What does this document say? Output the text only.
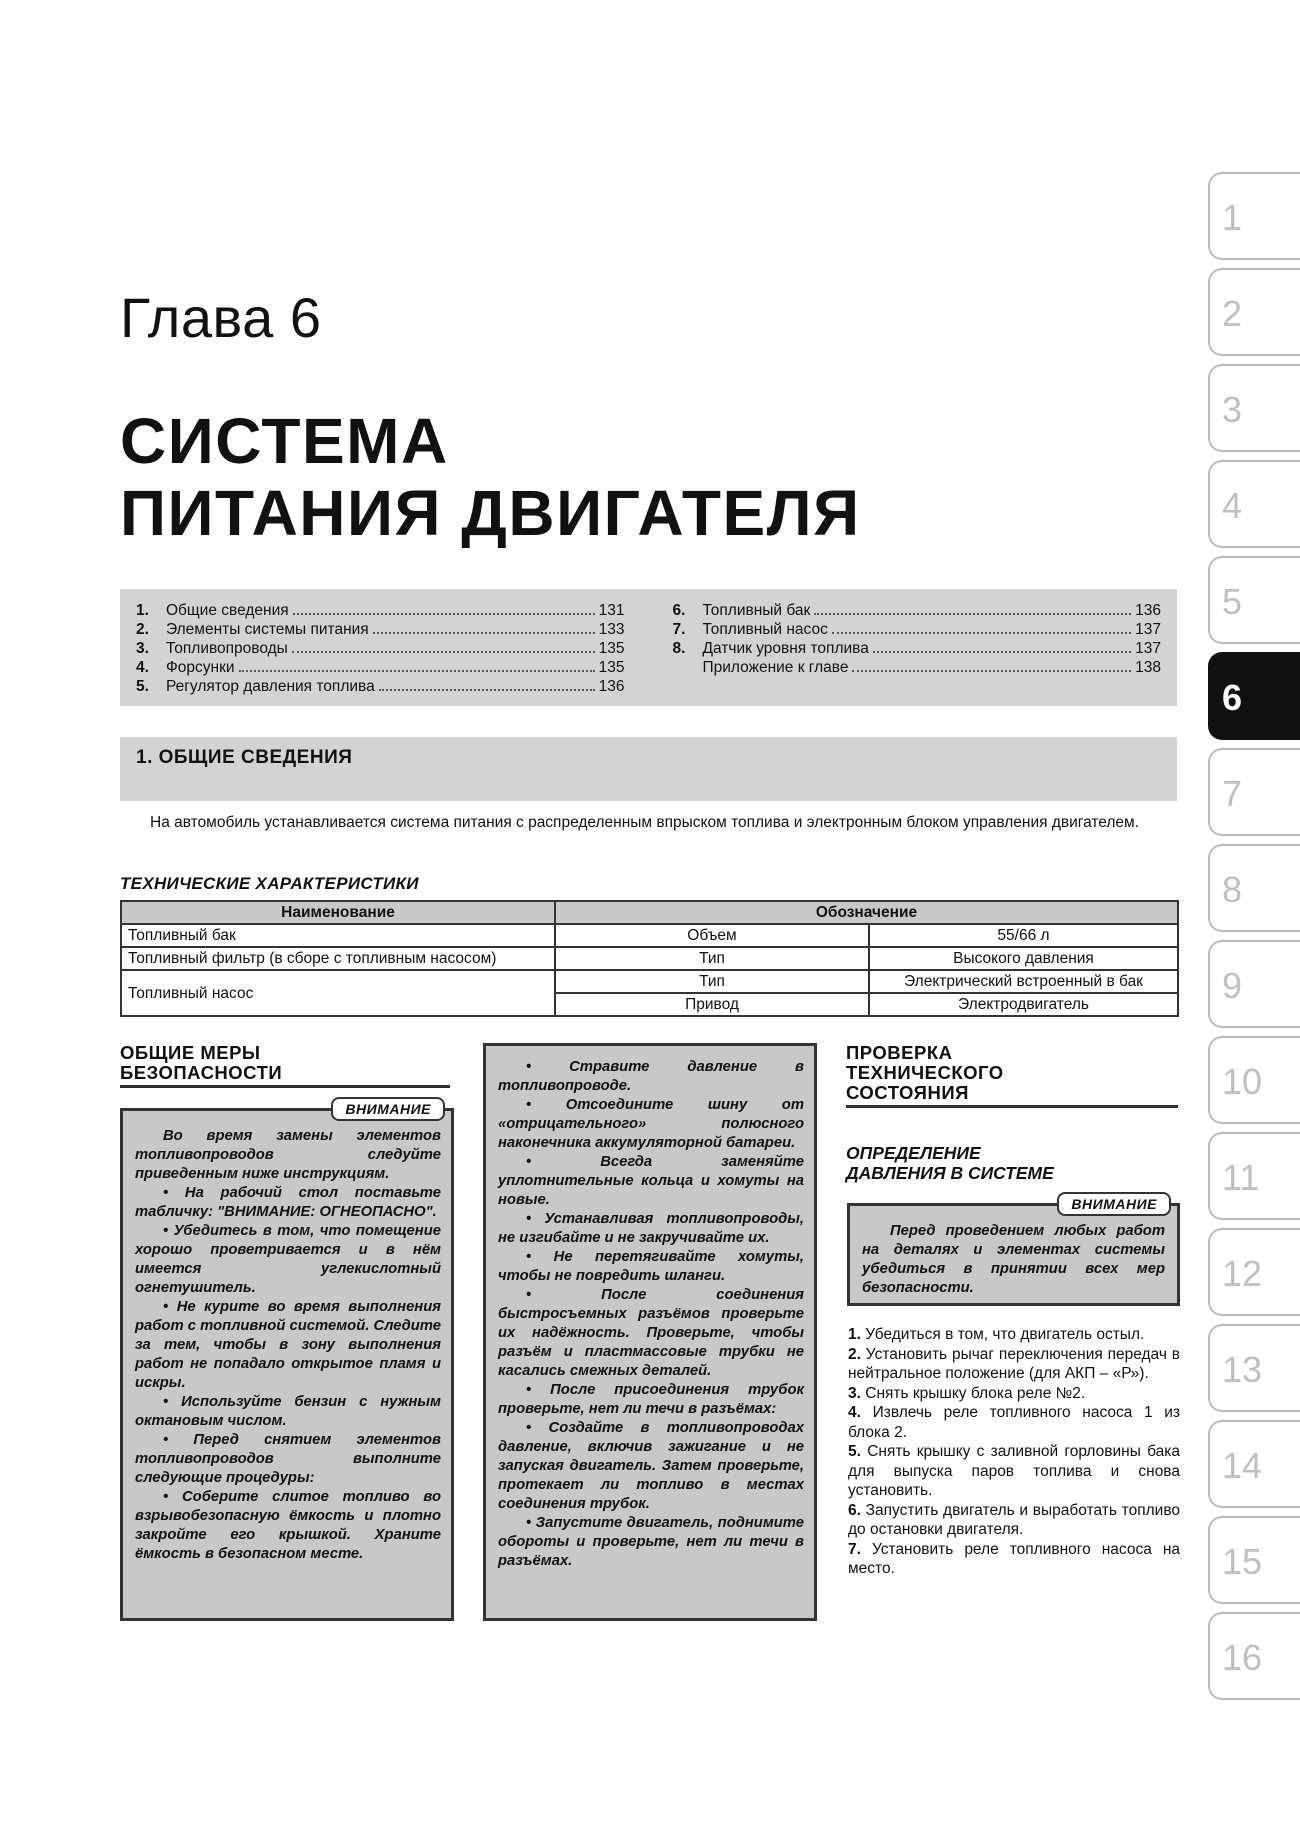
Глава 6
СИСТЕМА
ПИТАНИЯ ДВИГАТЕЛЯ
1.	Общие сведения	131
2.	Элементы системы питания	133
3.	Топливопроводы	135
4.	Форсунки	135
5.	Регулятор давления топлива	136
6.	Топливный бак	136
7.	Топливный насос	137
8.	Датчик уровня топлива	137
Приложение к главе	138
1. ОБЩИЕ СВЕДЕНИЯ

На автомобиль устанавливается система питания с распределенным впрыском топлива и электронным блоком управления двигателем.

ТЕХНИЧЕСКИЕ ХАРАКТЕРИСТИКИ
Наименование	Обозначение	
Топливный бак	Объем	55/66 л
Топливный фильтр (в сборе с топливным насосом)	Тип	Высокого давления
Топливный насос	Тип	Электрический встроенный в бак
	Привод	Электродвигатель
ОБЩИЕ МЕРЫ
БЕЗОПАСНОСТИ
ВНИМАНИЕ

Во время замены элементов топливопроводов следуйте приведенным ниже инструкциям.

• На рабочий стол поставьте табличку: "ВНИМАНИЕ: ОГНЕОПАСНО".

• Убедитесь в том, что помещение хорошо проветривается и в нём имеется углекислотный огнетушитель.

• Не курите во время выполнения работ с топливной системой. Следите за тем, чтобы в зону выполнения работ не попадало открытое пламя и искры.

• Используйте бензин с нужным октановым числом.

• Перед снятием элементов топливопроводов выполните следующие процедуры:

• Соберите слитое топливо во взрывобезопасную ёмкость и плотно закройте его крышкой. Храните ёмкость в безопасном месте.

• Стравите давление в топливопроводе.

• Отсоедините шину от «отрицательного» полюсного наконечника аккумуляторной батареи.

• Всегда заменяйте уплотнительные кольца и хомуты на новые.

• Устанавливая топливопроводы, не изгибайте и не закручивайте их.

• Не перетягивайте хомуты, чтобы не повредить шланги.

• После соединения быстросъемных разъёмов проверьте их надёжность. Проверьте, чтобы разъём и пластмассовые трубки не касались смежных деталей.

• После присоединения трубок проверьте, нет ли течи в разъёмах:

• Создайте в топливопроводах давление, включив зажигание и не запуская двигатель. Затем проверьте, протекает ли топливо в местах соединения трубок.

• Запустите двигатель, поднимите обороты и проверьте, нет ли течи в разъёмах.

ПРОВЕРКА
ТЕХНИЧЕСКОГО
СОСТОЯНИЯ
ОПРЕДЕЛЕНИЕ
ДАВЛЕНИЯ В СИСТЕМЕ
ВНИМАНИЕ

Перед проведением любых работ на деталях и элементах системы убедиться в принятии всех мер безопасности.

1. Убедиться в том, что двигатель остыл.
2. Установить рычаг переключения передач в нейтральное положение (для АКП – «Р»).
3. Снять крышку блока реле №2.
4. Извлечь реле топливного насоса 1 из блока 2.
5. Снять крышку с заливной горловины бака для выпуска паров топлива и снова установить.
6. Запустить двигатель и выработать топливо до остановки двигателя.
7. Установить реле топливного насоса на место.
1
2
3
4
5
6
7
8
9
10
11
12
13
14
15
16
